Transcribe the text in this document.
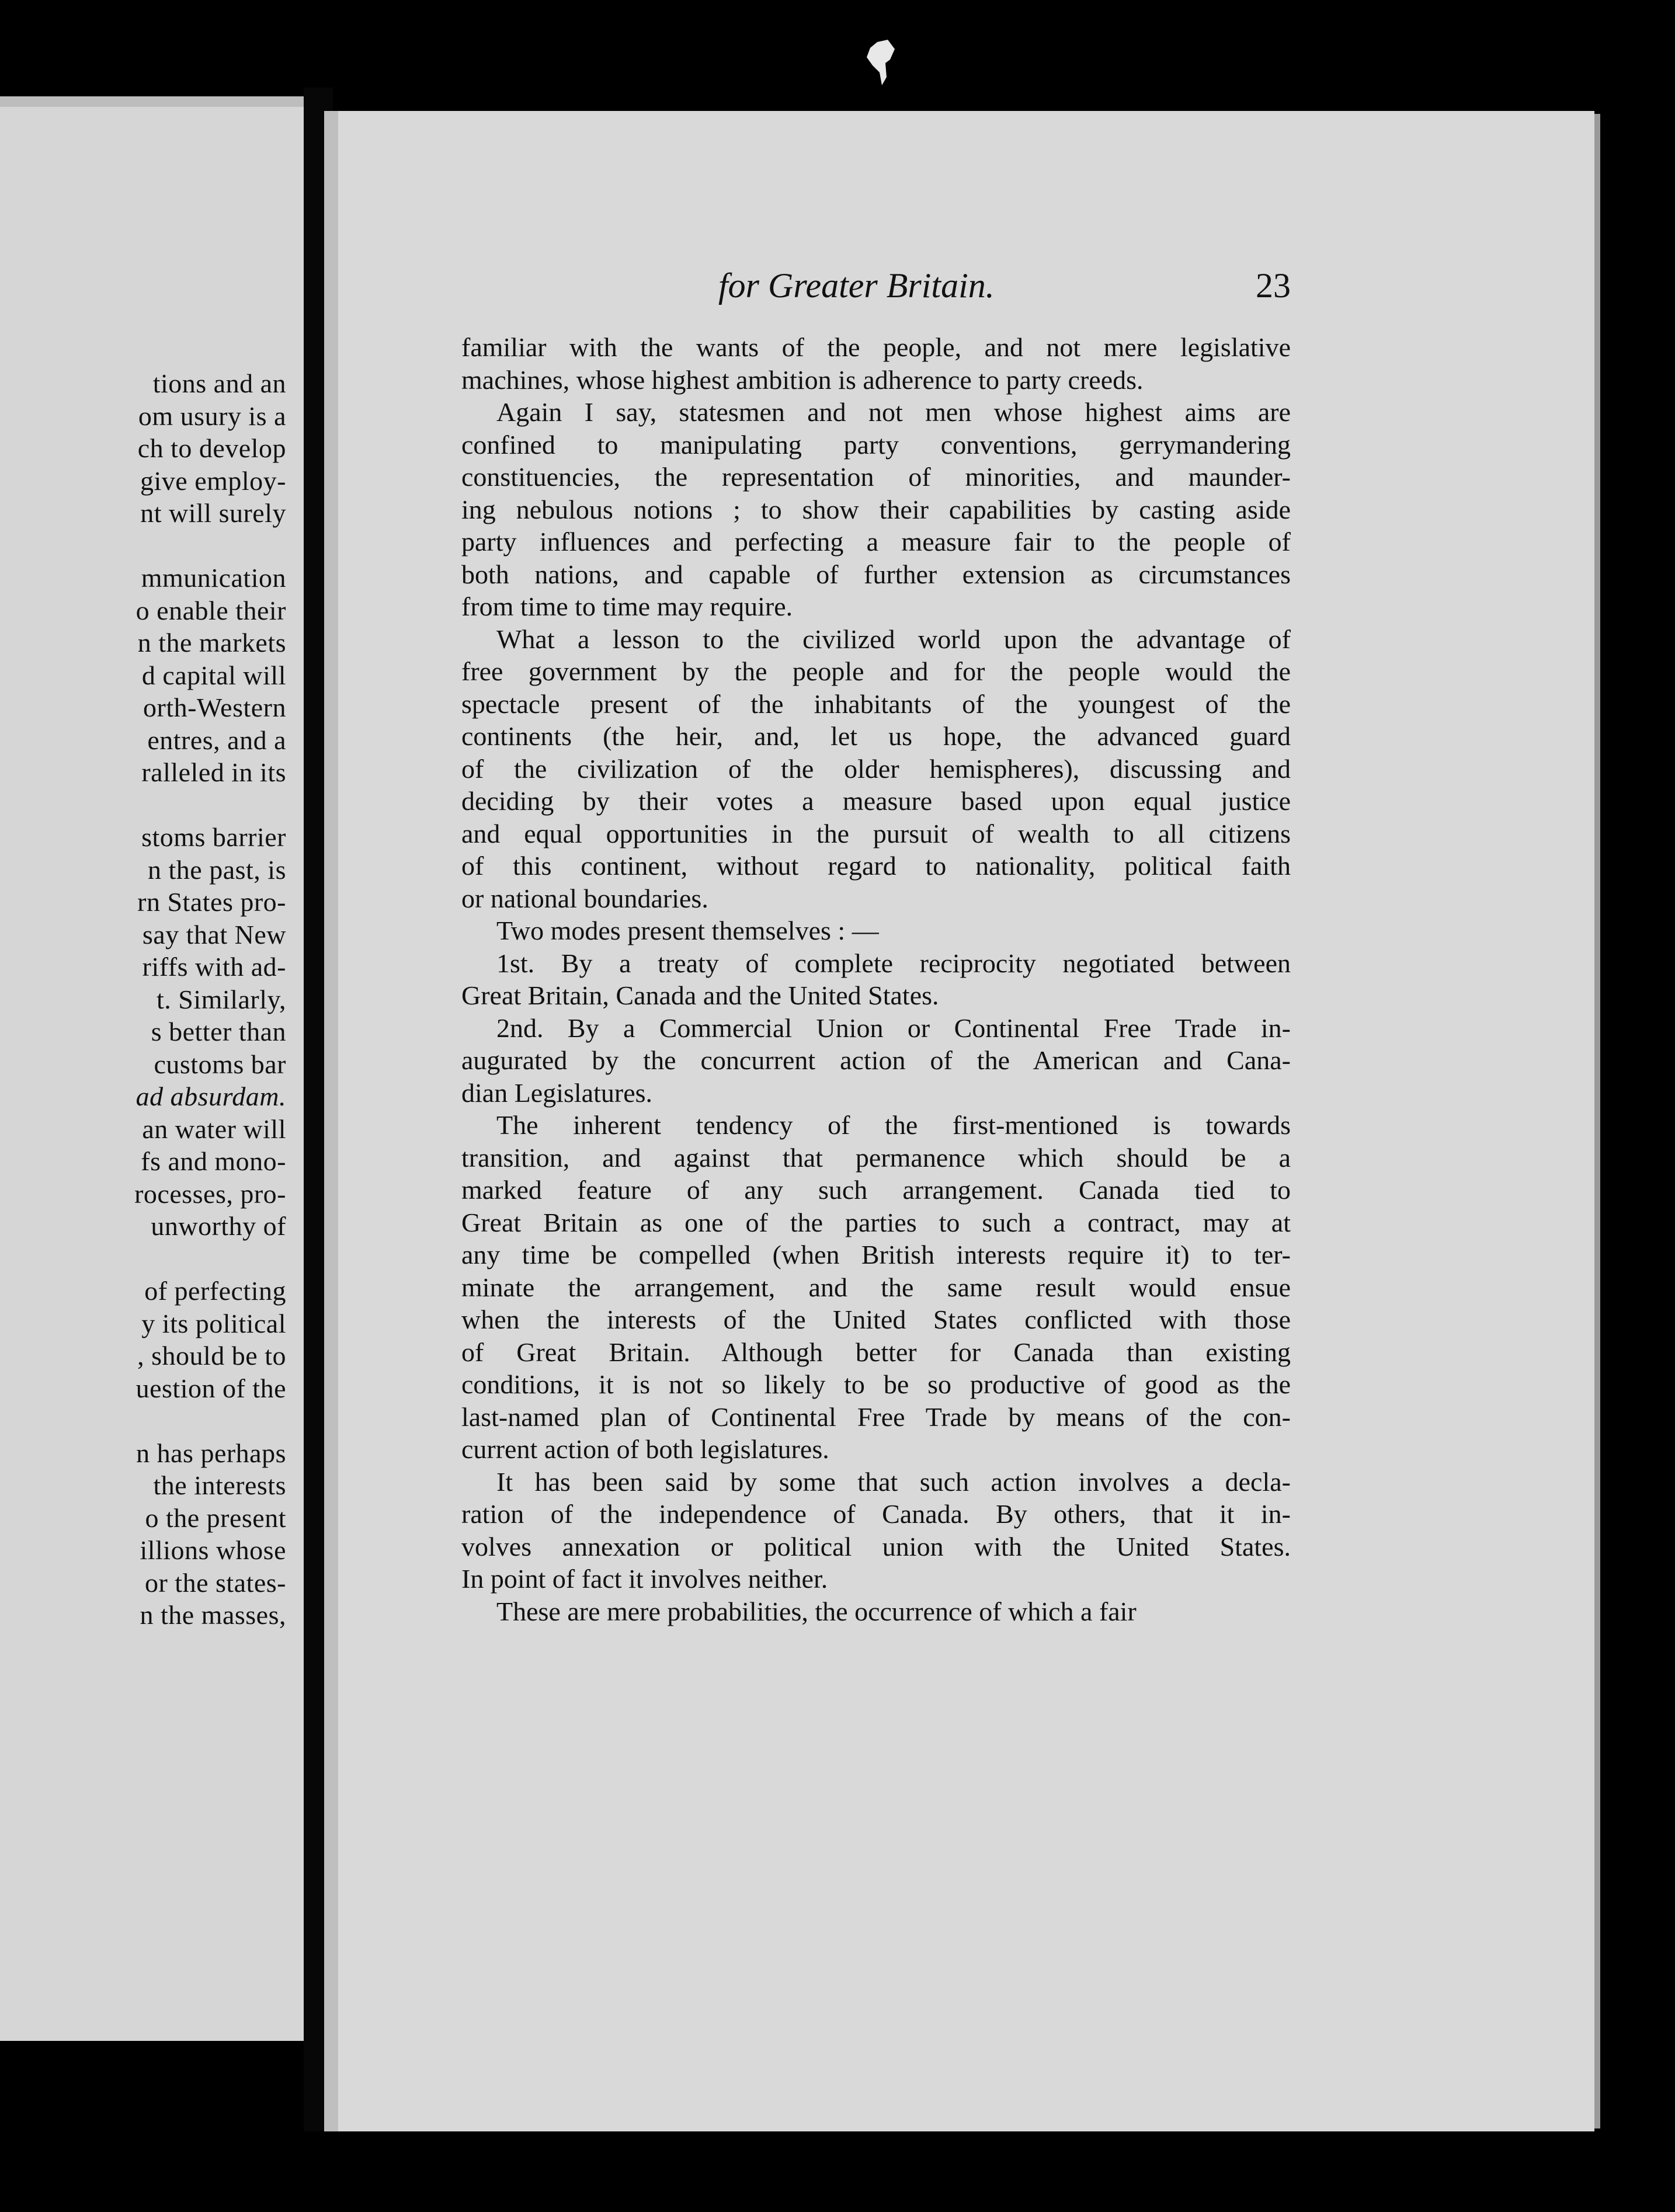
tions and an
om usury is a
ch to develop
give employ-
nt will surely
mmunication
o enable their
n the markets
d capital will
orth-Western
entres, and a
ralleled in its
stoms barrier
n the past, is
rn States pro-
say that New
riffs with ad-
t. Similarly,
s better than
customs bar
ad absurdam.
an water will
fs and mono-
rocesses, pro-
unworthy of
of perfecting
y its political
, should be to
uestion of the
n has perhaps
the interests
o the present
illions whose
or the states-
n the masses,
for Greater Britain.	23
familiar with the wants of the people, and not mere legislative
machines, whose highest ambition is adherence to party creeds.
Again I say, statesmen and not men whose highest aims are
confined to manipulating party conventions, gerrymandering
constituencies, the representation of minorities, and maunder-
ing nebulous notions ; to show their capabilities by casting aside
party influences and perfecting a measure fair to the people of
both nations, and capable of further extension as circumstances
from time to time may require.
What a lesson to the civilized world upon the advantage of
free government by the people and for the people would the
spectacle present of the inhabitants of the youngest of the
continents (the heir, and, let us hope, the advanced guard
of the civilization of the older hemispheres), discussing and
deciding by their votes a measure based upon equal justice
and equal opportunities in the pursuit of wealth to all citizens
of this continent, without regard to nationality, political faith
or national boundaries.
Two modes present themselves : —
1st. By a treaty of complete reciprocity negotiated between
Great Britain, Canada and the United States.
2nd. By a Commercial Union or Continental Free Trade in-
augurated by the concurrent action of the American and Cana-
dian Legislatures.
The inherent tendency of the first-mentioned is towards
transition, and against that permanence which should be a
marked feature of any such arrangement. Canada tied to
Great Britain as one of the parties to such a contract, may at
any time be compelled (when British interests require it) to ter-
minate the arrangement, and the same result would ensue
when the interests of the United States conflicted with those
of Great Britain. Although better for Canada than existing
conditions, it is not so likely to be so productive of good as the
last-named plan of Continental Free Trade by means of the con-
current action of both legislatures.
It has been said by some that such action involves a decla-
ration of the independence of Canada. By others, that it in-
volves annexation or political union with the United States.
In point of fact it involves neither.
These are mere probabilities, the occurrence of which a fair
